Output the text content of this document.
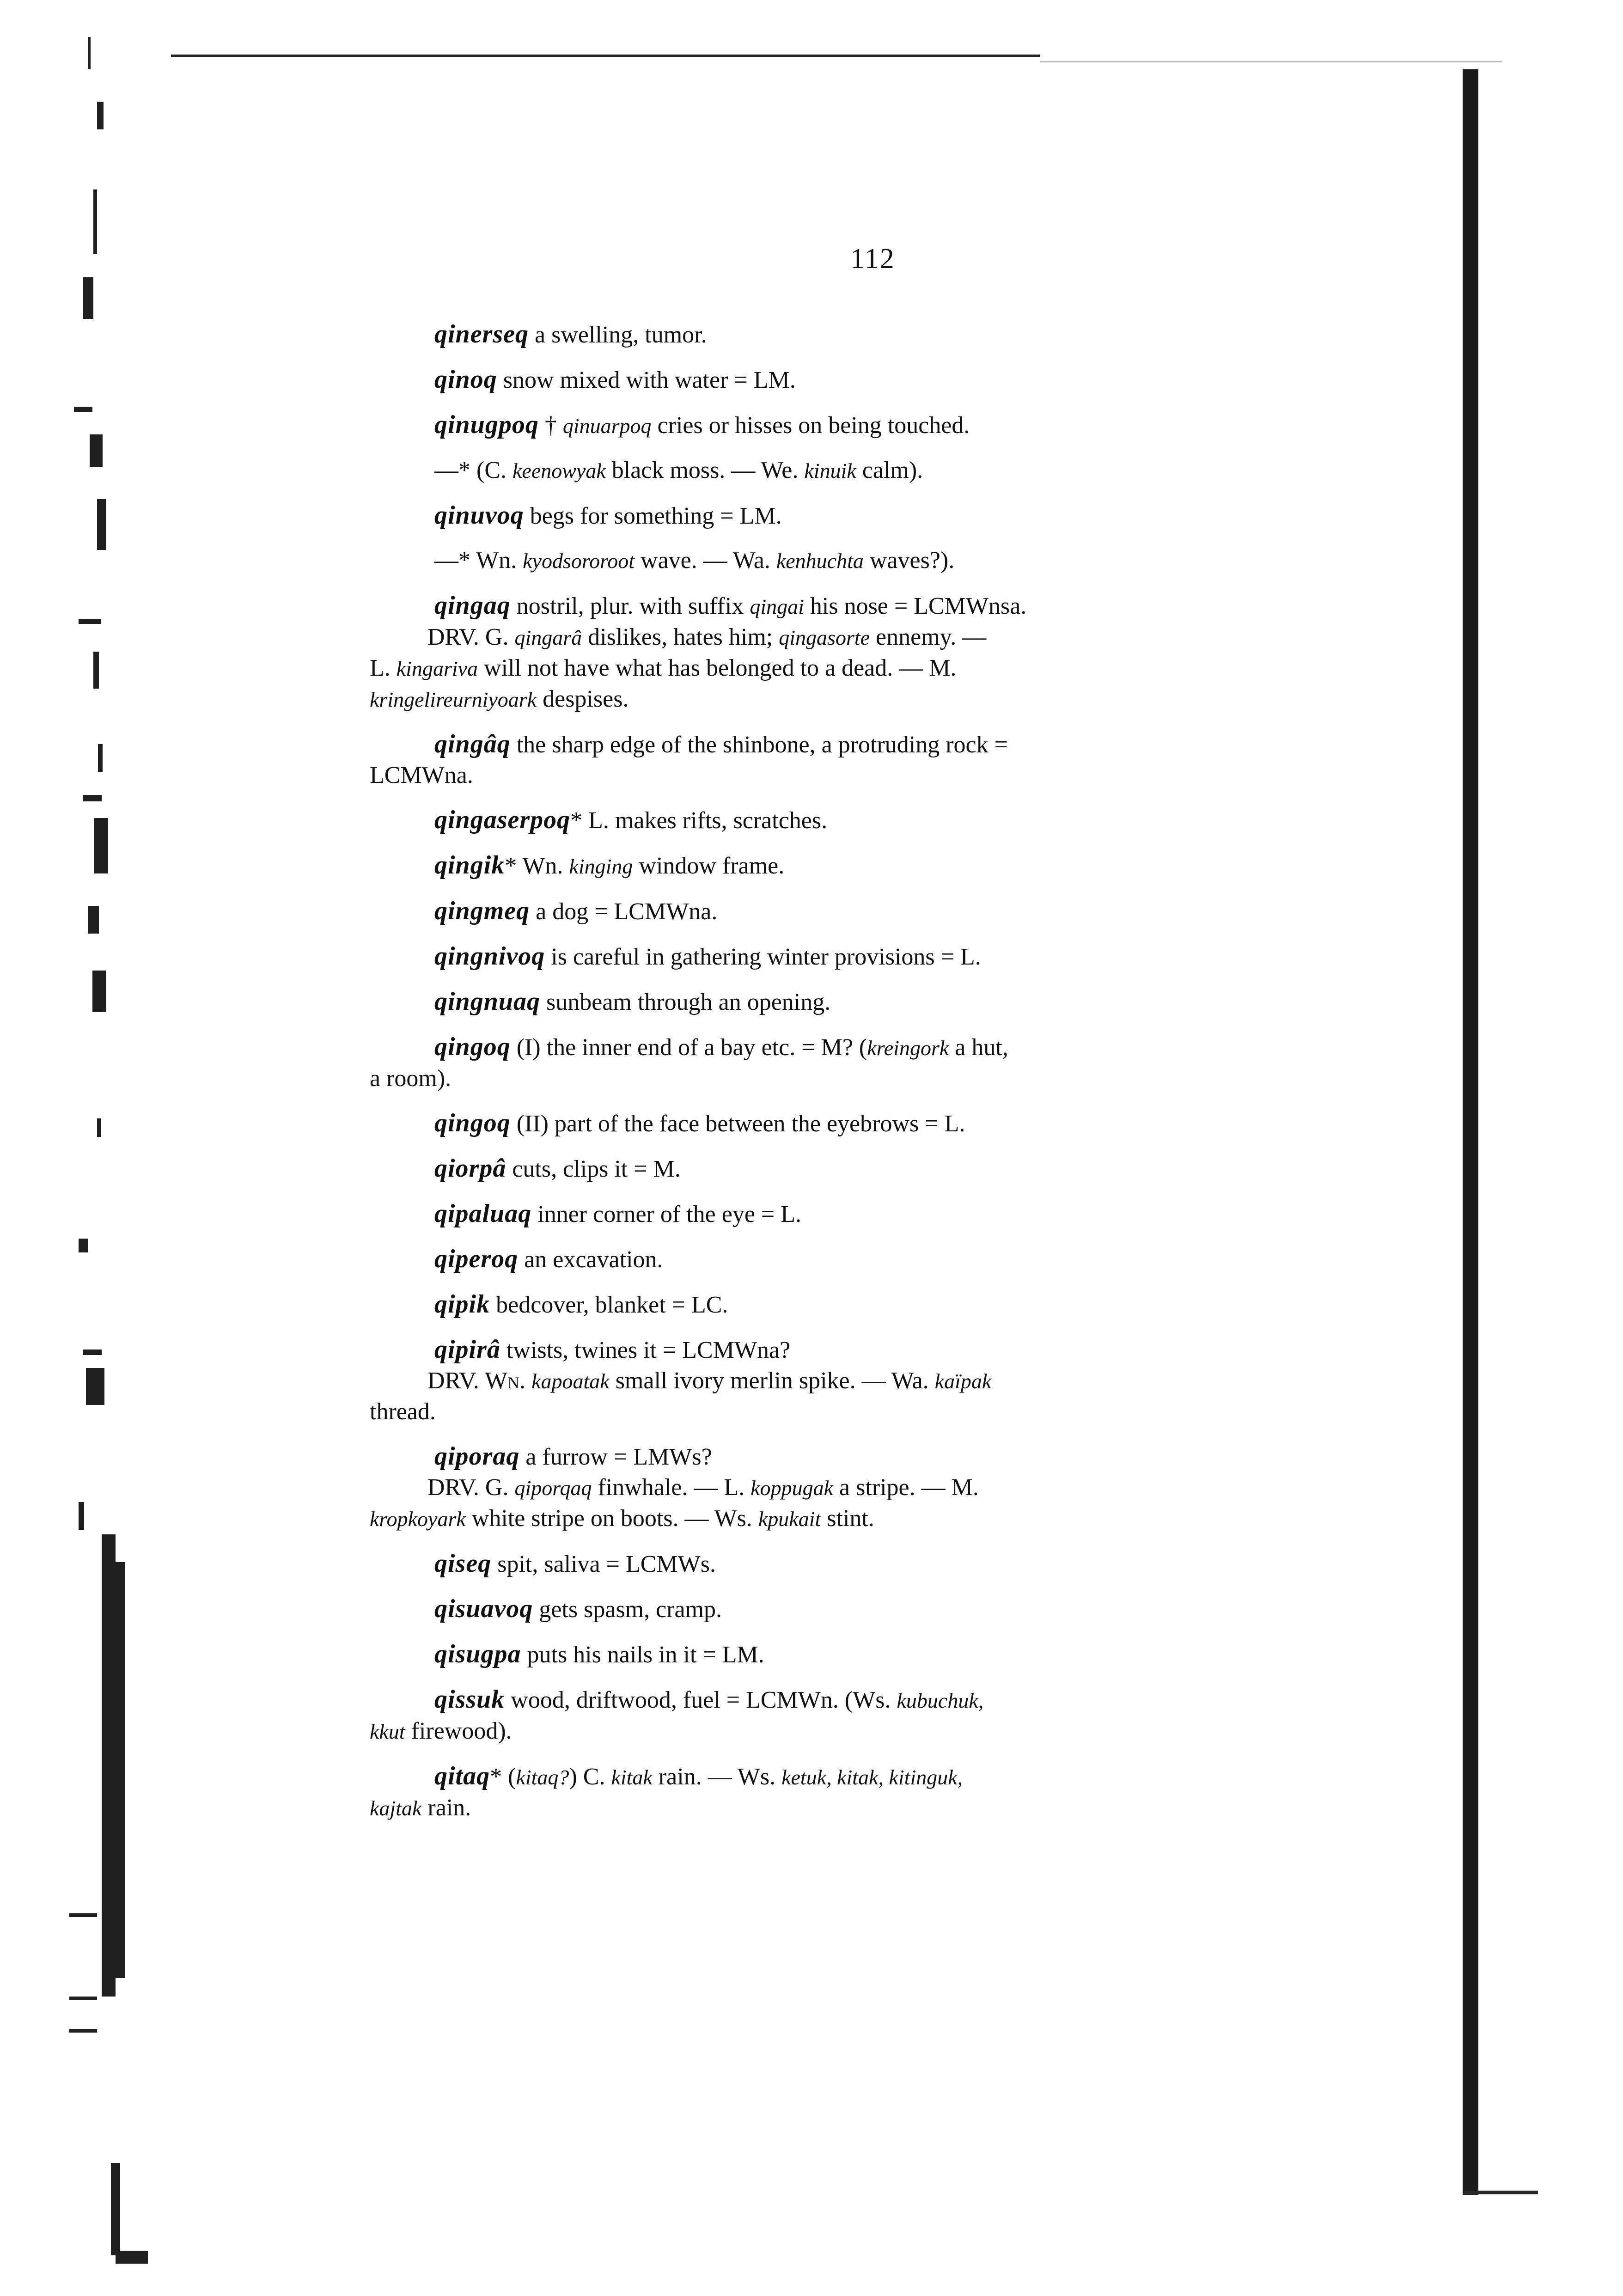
112
qinerseq a swelling, tumor.
qinoq snow mixed with water = LM.
qinugpoq † qinuarpoq cries or hisses on being touched.
—* (C. keenowyak black moss. — We. kinuik calm).
qinuvoq begs for something = LM.
—* Wn. kyodsororoot wave. — Wa. kenhuchta waves?).
qingaq nostril, plur. with suffix qingai his nose = LCMWnsa.
DRV. G. qingarâ dislikes, hates him; qingasorte ennemy. —
L. kingariva will not have what has belonged to a dead. — M.
kringelireurniyoark despises.
qingâq the sharp edge of the shinbone, a protruding rock =
LCMWna.
qingaserpoq* L. makes rifts, scratches.
qingik* Wn. kinging window frame.
qingmeq a dog = LCMWna.
qingnivoq is careful in gathering winter provisions = L.
qingnuaq sunbeam through an opening.
qingoq (I) the inner end of a bay etc. = M? (kreingork a hut,
a room).
qingoq (II) part of the face between the eyebrows = L.
qiorpâ cuts, clips it = M.
qipaluaq inner corner of the eye = L.
qiperoq an excavation.
qipik bedcover, blanket = LC.
qipirâ twists, twines it = LCMWna?
DRV. Wn. kapoatak small ivory merlin spike. — Wa. kaïpak
thread.
qiporaq a furrow = LMWs?
DRV. G. qiporqaq finwhale. — L. koppugak a stripe. — M.
kropkoyark white stripe on boots. — Ws. kpukait stint.
qiseq spit, saliva = LCMWs.
qisuavoq gets spasm, cramp.
qisugpa puts his nails in it = LM.
qissuk wood, driftwood, fuel = LCMWn. (Ws. kubuchuk,
kkut firewood).
qitaq* (kitaq?) C. kitak rain. — Ws. ketuk, kitak, kitinguk,
kajtak rain.
